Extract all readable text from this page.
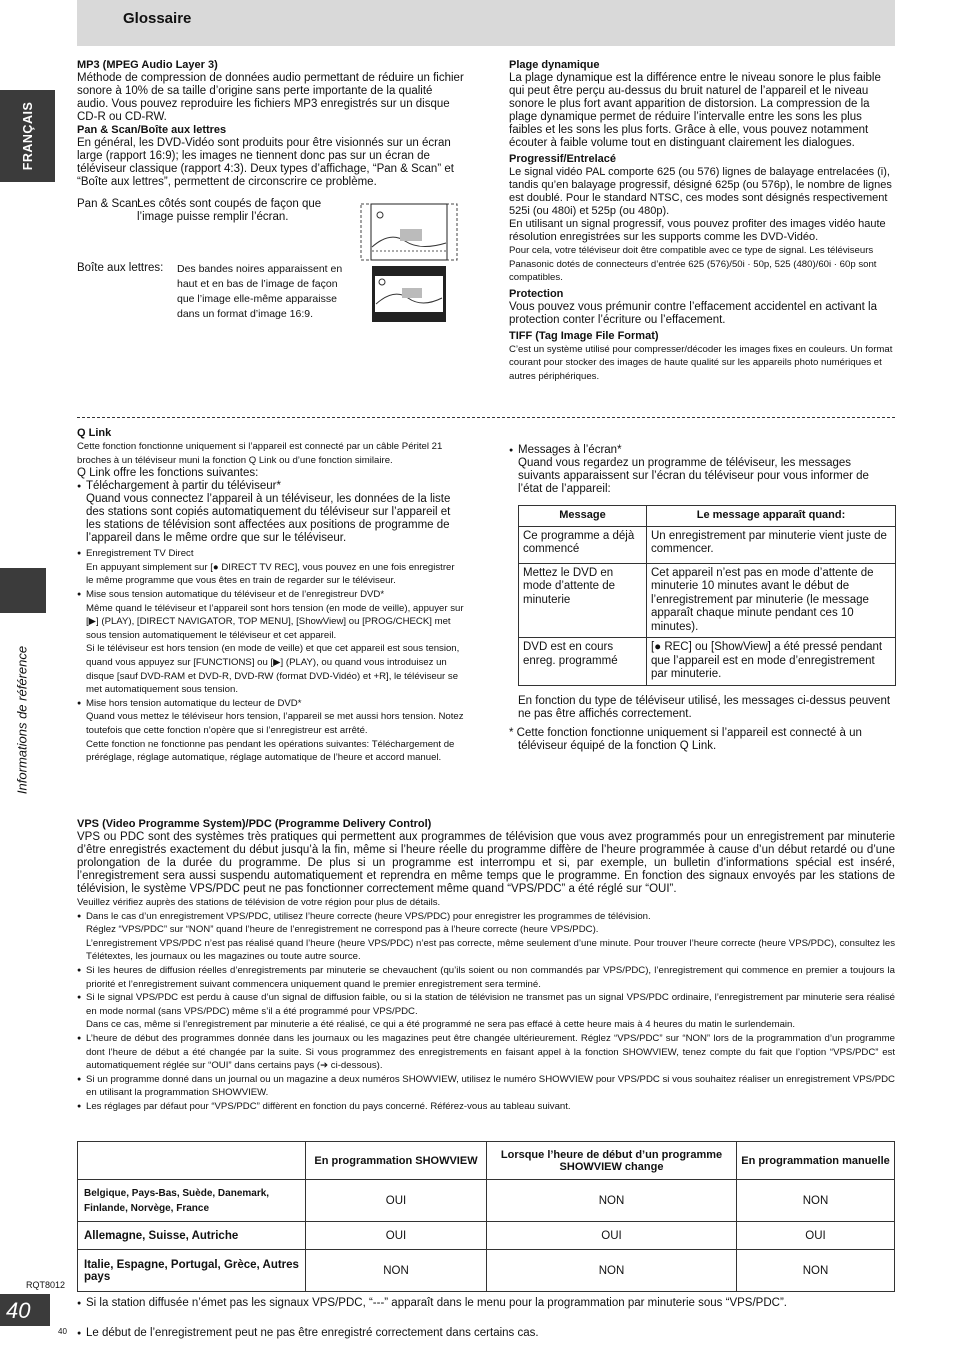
Glossaire
FRANÇAIS
Informations de référence
RQT8012
40
40
MP3 (MPEG Audio Layer 3)
Méthode de compression de données audio permettant de réduire un fichier sonore à 10% de sa taille d’origine sans perte importante de la qualité audio. Vous pouvez reproduire les fichiers MP3 enregistrés sur un disque CD-R ou CD-RW.
Pan & Scan/Boîte aux lettres
En général, les DVD-Vidéo sont produits pour être visionnés sur un écran large (rapport 16:9); les images ne tiennent donc pas sur un écran de téléviseur classique (rapport 4:3). Deux types d’affichage, “Pan & Scan” et “Boîte aux lettres”, permettent de circonscrire ce problème.
Pan & Scan:
Les côtés sont coupés de façon que l’image puisse remplir l’écran.
Boîte aux lettres:	Des bandes noires apparaissent en haut et en bas de l’image de façon que l’image elle-même apparaisse dans un format d’image 16:9.
Plage dynamique
La plage dynamique est la différence entre le niveau sonore le plus faible qui peut être perçu au-dessus du bruit naturel de l’appareil et le niveau sonore le plus fort avant apparition de distorsion. La compression de la plage dynamique permet de réduire l’intervalle entre les sons les plus faibles et les sons les plus forts. Grâce à elle, vous pouvez notamment écouter à faible volume tout en distinguant clairement les dialogues.
Progressif/Entrelacé
Le signal vidéo PAL comporte 625 (ou 576) lignes de balayage entrelacées (i), tandis qu’en balayage progressif, désigné 625p (ou 576p), le nombre de lignes est doublé. Pour le standard NTSC, ces modes sont désignés respectivement 525i (ou 480i) et 525p (ou 480p).
En utilisant un signal progressif, vous pouvez profiter des images vidéo haute résolution enregistrées sur les supports comme les DVD-Vidéo.
Pour cela, votre téléviseur doit être compatible avec ce type de signal. Les téléviseurs Panasonic dotés de connecteurs d’entrée 625 (576)/50i · 50p, 525 (480)/60i · 60p sont compatibles.
Protection
Vous pouvez vous prémunir contre l’effacement accidentel en activant la protection conter l’écriture ou l’effacement.
TIFF (Tag Image File Format)
C’est un système utilisé pour compresser/décoder les images fixes en couleurs. Un format courant pour stocker des images de haute qualité sur les appareils photo numériques et autres périphériques.
Q Link
Cette fonction fonctionne uniquement si l’appareil est connecté par un câble Péritel 21 broches à un téléviseur muni la fonction Q Link ou d’une fonction similaire.
Q Link offre les fonctions suivantes:
● Téléchargement à partir du téléviseur*
Quand vous connectez l’appareil à un téléviseur, les données de la liste des stations sont copiés automatiquement du téléviseur sur l’appareil et les stations de télévision sont affectées aux positions de programme de l’appareil dans le même ordre que sur le téléviseur.
● Enregistrement TV Direct
En appuyant simplement sur [● DIRECT TV REC], vous pouvez en une fois enregistrer le même programme que vous êtes en train de regarder sur le téléviseur.
● Mise sous tension automatique du téléviseur et de l’enregistreur DVD*
Même quand le téléviseur et l’appareil sont hors tension (en mode de veille), appuyer sur [▶] (PLAY), [DIRECT NAVIGATOR, TOP MENU], [ShowView] ou [PROG/CHECK] met sous tension automatiquement le téléviseur et cet appareil.
Si le téléviseur est hors tension (en mode de veille) et que cet appareil est sous tension, quand vous appuyez sur [FUNCTIONS] ou [▶] (PLAY), ou quand vous introduisez un disque [sauf DVD-RAM et DVD-R, DVD-RW (format DVD-Vidéo) et +R], le téléviseur se met automatiquement sous tension.
● Mise hors tension automatique du lecteur de DVD*
Quand vous mettez le téléviseur hors tension, l’appareil se met aussi hors tension. Notez toutefois que cette fonction n’opère que si l’enregistreur est arrêté.
Cette fonction ne fonctionne pas pendant les opérations suivantes: Téléchargement de préréglage, réglage automatique, réglage automatique de l’heure et accord manuel.
● Messages à l’écran*
Quand vous regardez un programme de téléviseur, les messages suivants apparaissent sur l’écran du téléviseur pour vous informer de l’état de l’appareil:
Message	Le message apparaît quand:
Ce programme a déjà commencé	Un enregistrement par minuterie vient juste de commencer.
Mettez le DVD en mode d’attente de minuterie	Cet appareil n’est pas en mode d’attente de minuterie 10 minutes avant le début de l’enregistrement par minuterie (le message apparaît chaque minute pendant ces 10 minutes).
DVD est en cours enreg. programmé	[● REC] ou [ShowView] a été pressé pendant que l’appareil est en mode d’enregistrement par minuterie.
En fonction du type de téléviseur utilisé, les messages ci-dessus peuvent ne pas être affichés correctement.
* Cette fonction fonctionne uniquement si l’appareil est connecté à un téléviseur équipé de la fonction Q Link.
VPS (Video Programme System)/PDC (Programme Delivery Control)
VPS ou PDC sont des systèmes très pratiques qui permettent aux programmes de télévision que vous avez programmés pour un enregistrement par minuterie d’être enregistrés exactement du début jusqu’à la fin, même si l’heure réelle du programme diffère de l’heure programmée à cause d’un début retardé ou d’une prolongation de la durée du programme. De plus si un programme est interrompu et si, par exemple, un bulletin d’informations spécial est inséré, l’enregistrement sera aussi suspendu automatiquement et reprendra en même temps que le programme. En fonction des signaux envoyés par les stations de télévision, le système VPS/PDC peut ne pas fonctionner correctement même quand “VPS/PDC” a été réglé sur “OUI”.
Veuillez vérifiez auprès des stations de télévision de votre région pour plus de détails.
● Dans le cas d’un enregistrement VPS/PDC, utilisez l’heure correcte (heure VPS/PDC) pour enregistrer les programmes de télévision.
Réglez “VPS/PDC” sur “NON” quand l’heure de l’enregistrement ne correspond pas à l’heure correcte (heure VPS/PDC).
L’enregistrement VPS/PDC n’est pas réalisé quand l’heure (heure VPS/PDC) n’est pas correcte, même seulement d’une minute. Pour trouver l’heure correcte (heure VPS/PDC), consultez les Télétextes, les journaux ou les magazines ou toute autre source.
● Si les heures de diffusion réelles d’enregistrements par minuterie se chevauchent (qu’ils soient ou non commandés par VPS/PDC), l’enregistrement qui commence en premier a toujours la priorité et l’enregistrement suivant commencera uniquement quand le premier enregistrement sera terminé.
● Si le signal VPS/PDC est perdu à cause d’un signal de diffusion faible, ou si la station de télévision ne transmet pas un signal VPS/PDC ordinaire, l’enregistrement par minuterie sera réalisé en mode normal (sans VPS/PDC) même s’il a été programmé pour VPS/PDC.
Dans ce cas, même si l’enregistrement par minuterie a été réalisé, ce qui a été programmé ne sera pas effacé à cette heure mais à 4 heures du matin le surlendemain.
● L’heure de début des programmes donnée dans les journaux ou les magazines peut être changée ultérieurement. Réglez “VPS/PDC” sur “NON” lors de la programmation d’un programme dont l’heure de début a été changée par la suite. Si vous programmez des enregistrements en faisant appel à la fonction SHOWVIEW, tenez compte du fait que l’option “VPS/PDC” est automatiquement réglée sur “OUI” dans certains pays (➔ ci-dessous).
● Si un programme donné dans un journal ou un magazine a deux numéros SHOWVIEW, utilisez le numéro SHOWVIEW pour VPS/PDC si vous souhaitez réaliser un enregistrement VPS/PDC en utilisant la programmation SHOWVIEW.
● Les réglages par défaut pour “VPS/PDC” diffèrent en fonction du pays concerné. Référez-vous au tableau suivant.
	En programmation SHOWVIEW	Lorsque l’heure de début d’un programme SHOWVIEW change	En programmation manuelle
Belgique, Pays-Bas, Suède, Danemark, Finlande, Norvège, France	OUI	NON	NON
Allemagne, Suisse, Autriche	OUI	OUI	OUI
Italie, Espagne, Portugal, Grèce, Autres pays	NON	NON	NON
● Si la station diffusée n’émet pas les signaux VPS/PDC, “---” apparaît dans le menu pour la programmation par minuterie sous “VPS/PDC”.
● Le début de l’enregistrement peut ne pas être enregistré correctement dans certains cas.
